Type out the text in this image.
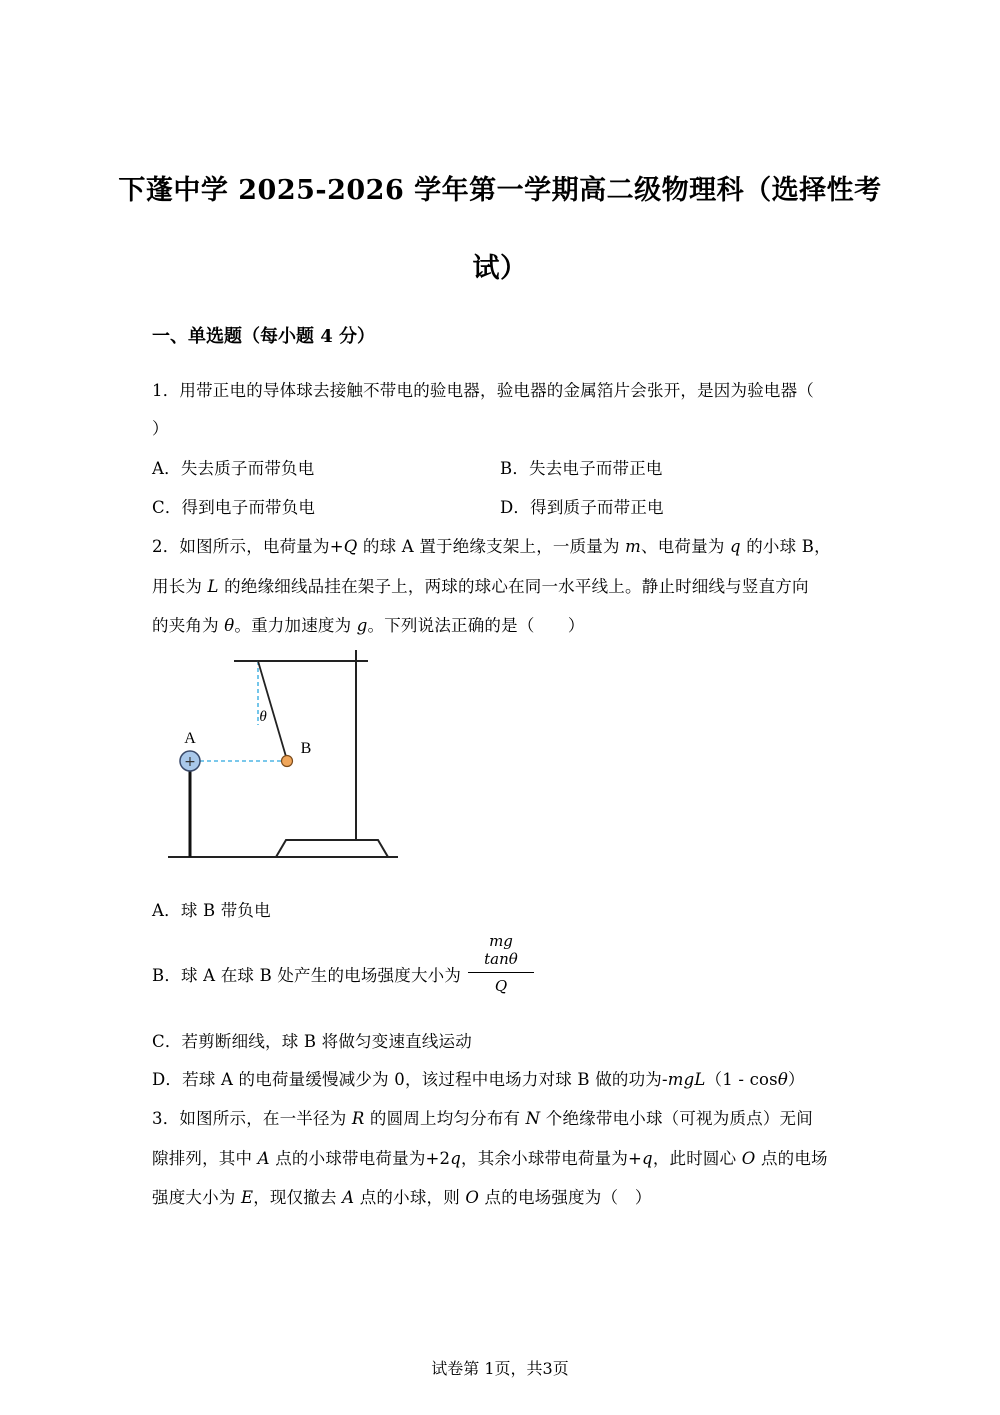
下蓬中学 2025-2026 学年第一学期高二级物理科（选择性考
试）
一、单选题（每小题 4 分）
1．用带正电的导体球去接触不带电的验电器，验电器的金属箔片会张开，是因为验电器（
）
A．失去质子而带负电	B．失去电子而带正电
C．得到电子而带负电	D．得到质子而带正电
2．如图所示，电荷量为+Q 的球 A 置于绝缘支架上，一质量为 m、电荷量为 q 的小球 B，
用长为 L 的绝缘细线品挂在架子上，两球的球心在同一水平线上。静止时细线与竖直方向
的夹角为 θ。重力加速度为 g。下列说法正确的是（　　）
+
A
B
θ
A．球 B 带负电
B．球 A 在球 B 处产生的电场强度大小为 $\frac{\text{mg tanθ}}{Q}$
C．若剪断细线，球 B 将做匀变速直线运动
D．若球 A 的电荷量缓慢减少为 0，该过程中电场力对球 B 做的功为-mgL（1 - cosθ）
3．如图所示，在一半径为 R 的圆周上均匀分布有 N 个绝缘带电小球（可视为质点）无间
隙排列，其中 A 点的小球带电荷量为+2q，其余小球带电荷量为+q，此时圆心 O 点的电场
强度大小为 E，现仅撤去 A 点的小球，则 O 点的电场强度为（　）
试卷第 1页，共3页
